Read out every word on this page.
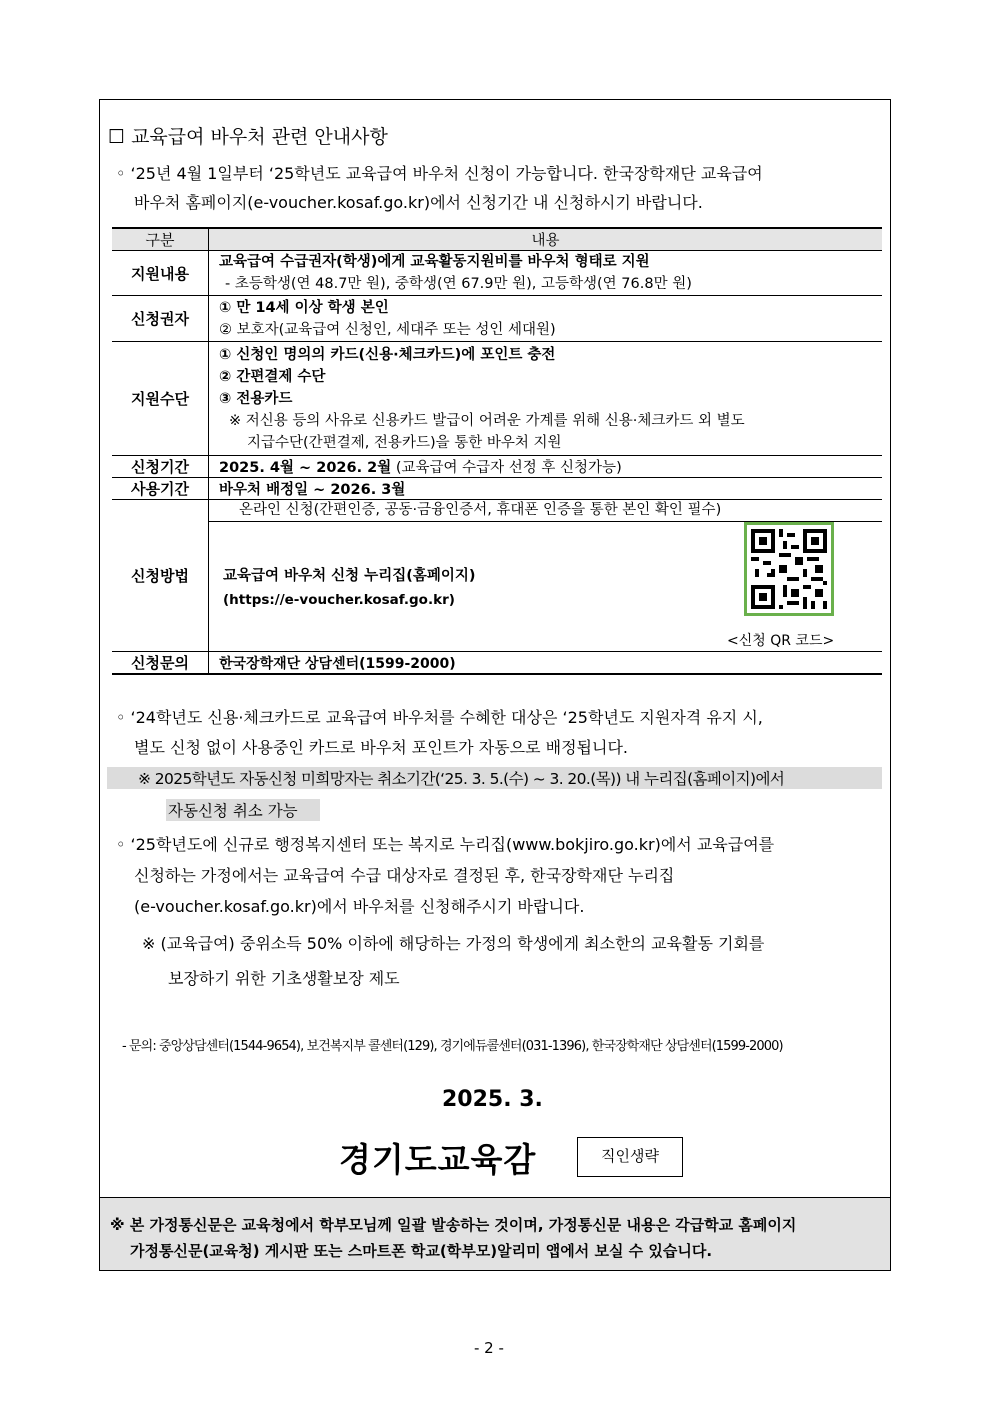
☐ 교육급여 바우처 관련 안내사항
◦ ‘25년 4월 1일부터 ‘25학년도 교육급여 바우처 신청이 가능합니다. 한국장학재단 교육급여
바우처 홈페이지(e-voucher.kosaf.go.kr)에서 신청기간 내 신청하시기 바랍니다.
구분	내용
지원내용	교육급여 수급권자(학생)에게 교육활동지원비를 바우처 형태로 지원
- 초등학생(연 48.7만 원), 중학생(연 67.9만 원), 고등학생(연 76.8만 원)

신청권자	① 만 14세 이상 학생 본인
② 보호자(교육급여 신청인, 세대주 또는 성인 세대원)

지원수단	① 신청인 명의의 카드(신용·체크카드)에 포인트 충전
② 간편결제 수단
③ 전용카드
※ 저신용 등의 사유로 신용카드 발급이 어려운 가계를 위해 신용·체크카드 외 별도
지급수단(간편결제, 전용카드)을 통한 바우처 지원

신청기간	2025. 4월 ~ 2026. 2월 (교육급여 수급자 선정 후 신청가능)
사용기간	바우처 배정일 ~ 2026. 3월
신청방법	온라인 신청(간편인증, 공동·금융인증서, 휴대폰 인증을 통한 본인 확인 필수)
교육급여 바우처 신청 누리집(홈페이지)
(https://e-voucher.kosaf.go.kr)
<신청 QR 코드>

신청문의	한국장학재단 상담센터(1599-2000)
◦ ‘24학년도 신용·체크카드로 교육급여 바우처를 수혜한 대상은 ‘25학년도 지원자격 유지 시,
별도 신청 없이 사용중인 카드로 바우처 포인트가 자동으로 배정됩니다.
※ 2025학년도 자동신청 미희망자는 취소기간(‘25. 3. 5.(수) ~ 3. 20.(목)) 내 누리집(홈페이지)에서
자동신청 취소 가능
◦ ‘25학년도에 신규로 행정복지센터 또는 복지로 누리집(www.bokjiro.go.kr)에서 교육급여를
신청하는 가정에서는 교육급여 수급 대상자로 결정된 후, 한국장학재단 누리집
(e-voucher.kosaf.go.kr)에서 바우처를 신청해주시기 바랍니다.
※ (교육급여) 중위소득 50% 이하에 해당하는 가정의 학생에게 최소한의 교육활동 기회를
보장하기 위한 기초생활보장 제도
- 문의: 중앙상담센터(1544-9654), 보건복지부 콜센터(129), 경기에듀콜센터(031-1396), 한국장학재단 상담센터(1599-2000)
2025. 3.
경기도교육감	직인생략
※ 본 가정통신문은 교육청에서 학부모님께 일괄 발송하는 것이며, 가정통신문 내용은 각급학교 홈페이지
가정통신문(교육청) 게시판 또는 스마트폰 학교(학부모)알리미 앱에서 보실 수 있습니다.
- 2 -
